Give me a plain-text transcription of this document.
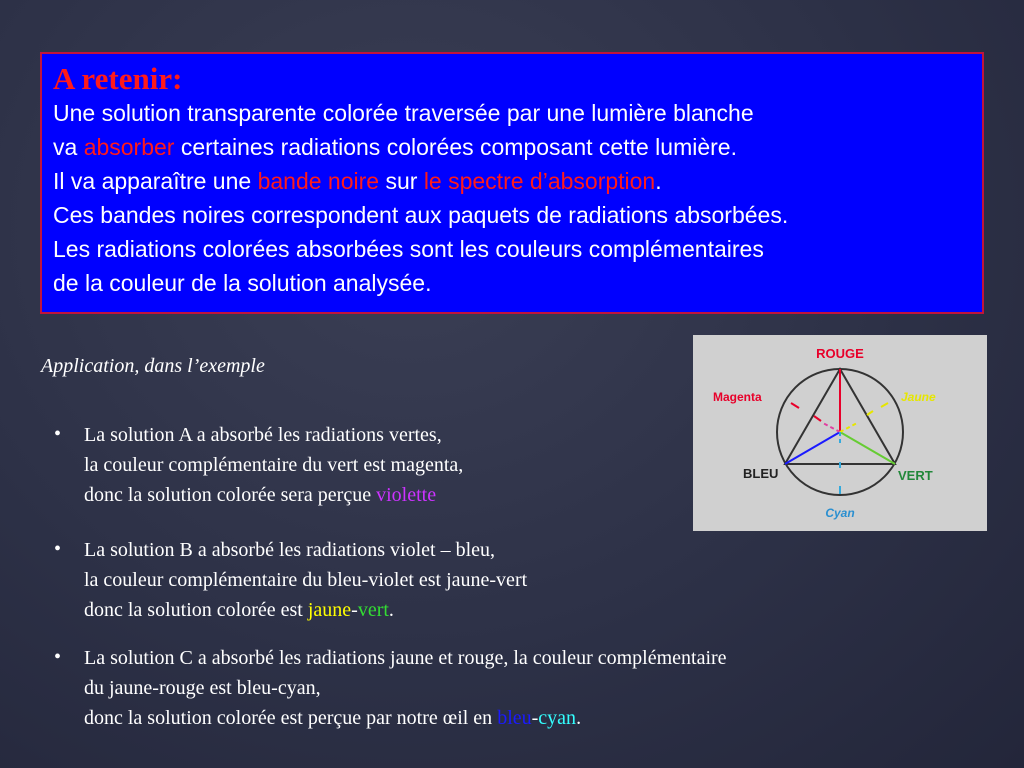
A retenir:
Une solution transparente colorée traversée par une lumière blanche
va absorber certaines radiations colorées composant cette lumière.
Il va apparaître une bande noire sur le spectre d’absorption.
Ces bandes noires correspondent aux paquets de radiations absorbées.
Les radiations colorées absorbées sont les couleurs complémentaires
de la couleur de la solution analysée.
Application, dans l’exemple
ROUGE
Magenta	Jaune
BLEU	VERT
Cyan
• La solution A a absorbé les radiations vertes,
la couleur complémentaire du vert est magenta,
donc la solution colorée sera perçue violette
• La solution B a absorbé les radiations violet – bleu,
la couleur complémentaire du bleu-violet est jaune-vert
donc la solution colorée est jaune-vert.
• La solution C a absorbé les radiations jaune et rouge, la couleur complémentaire
du jaune-rouge est bleu-cyan,
donc la solution colorée est perçue par notre œil en bleu-cyan.
